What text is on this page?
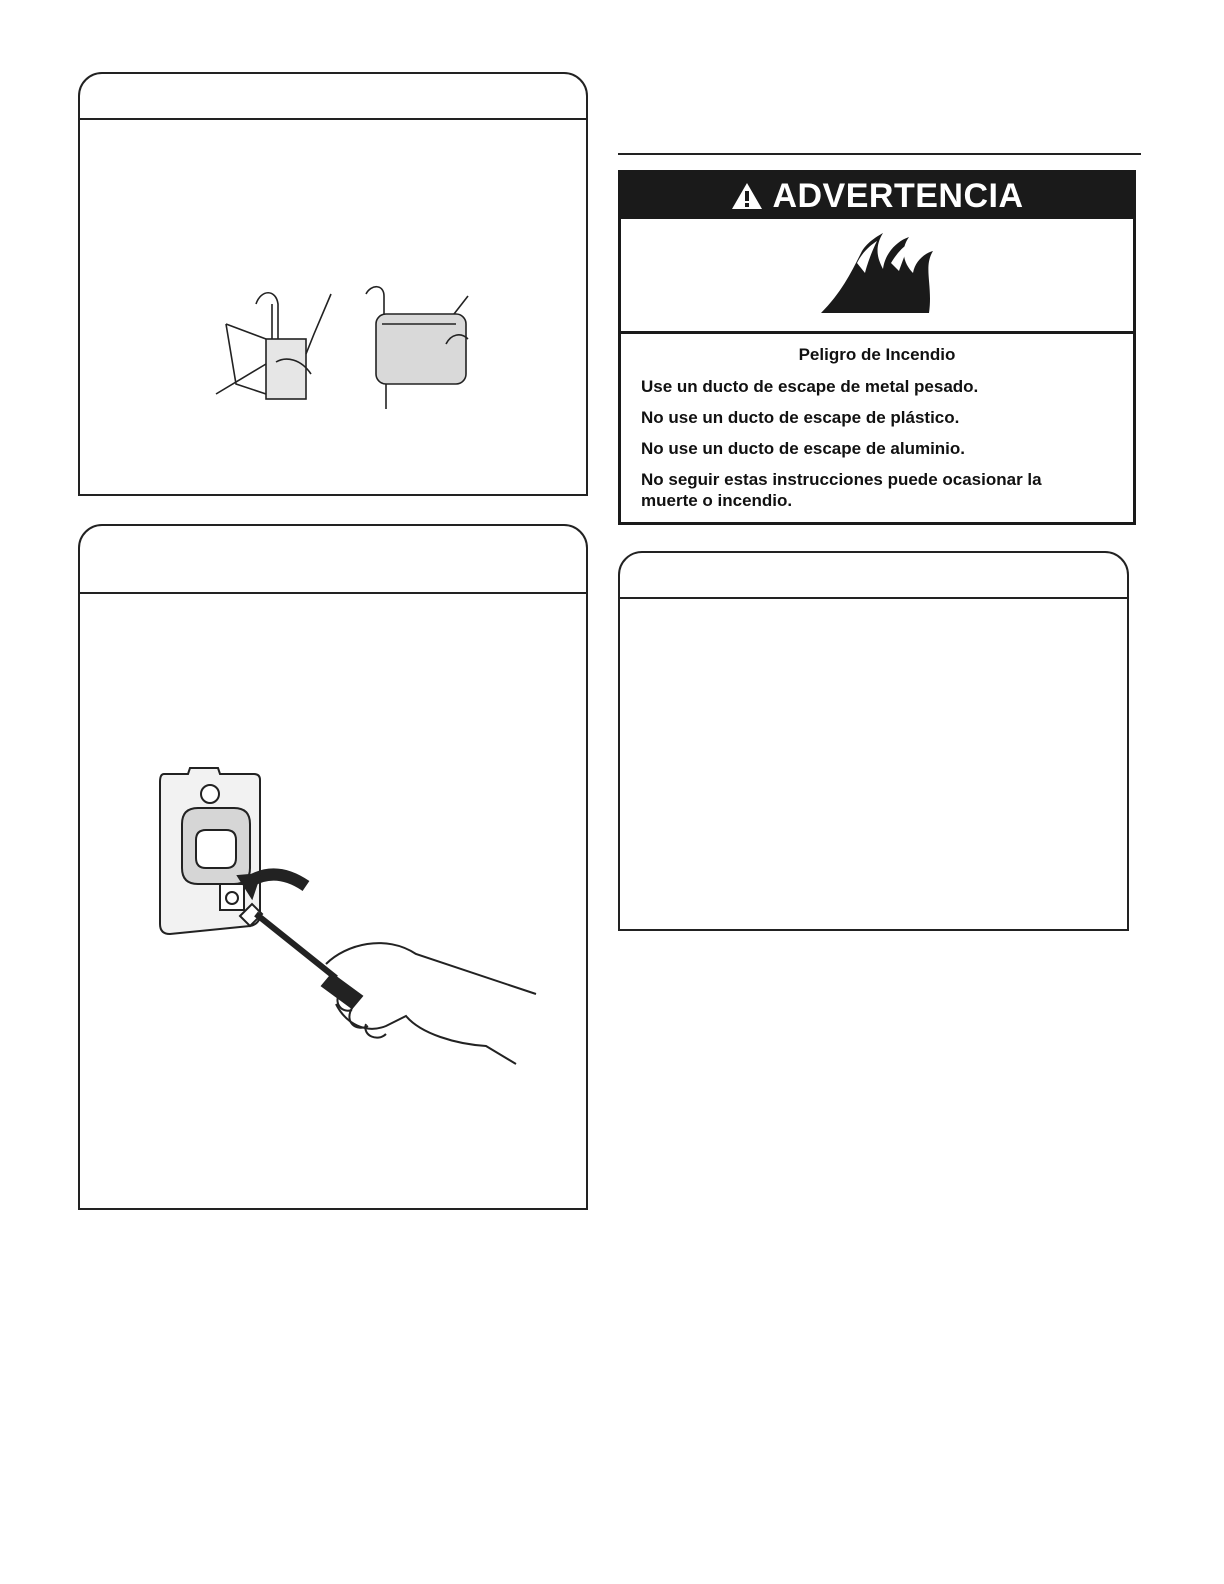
ADVERTENCIA
Peligro de Incendio
Use un ducto de escape de metal pesado.
No use un ducto de escape de plástico.
No use un ducto de escape de aluminio.
No seguir estas instrucciones puede ocasionar la muerte o incendio.
